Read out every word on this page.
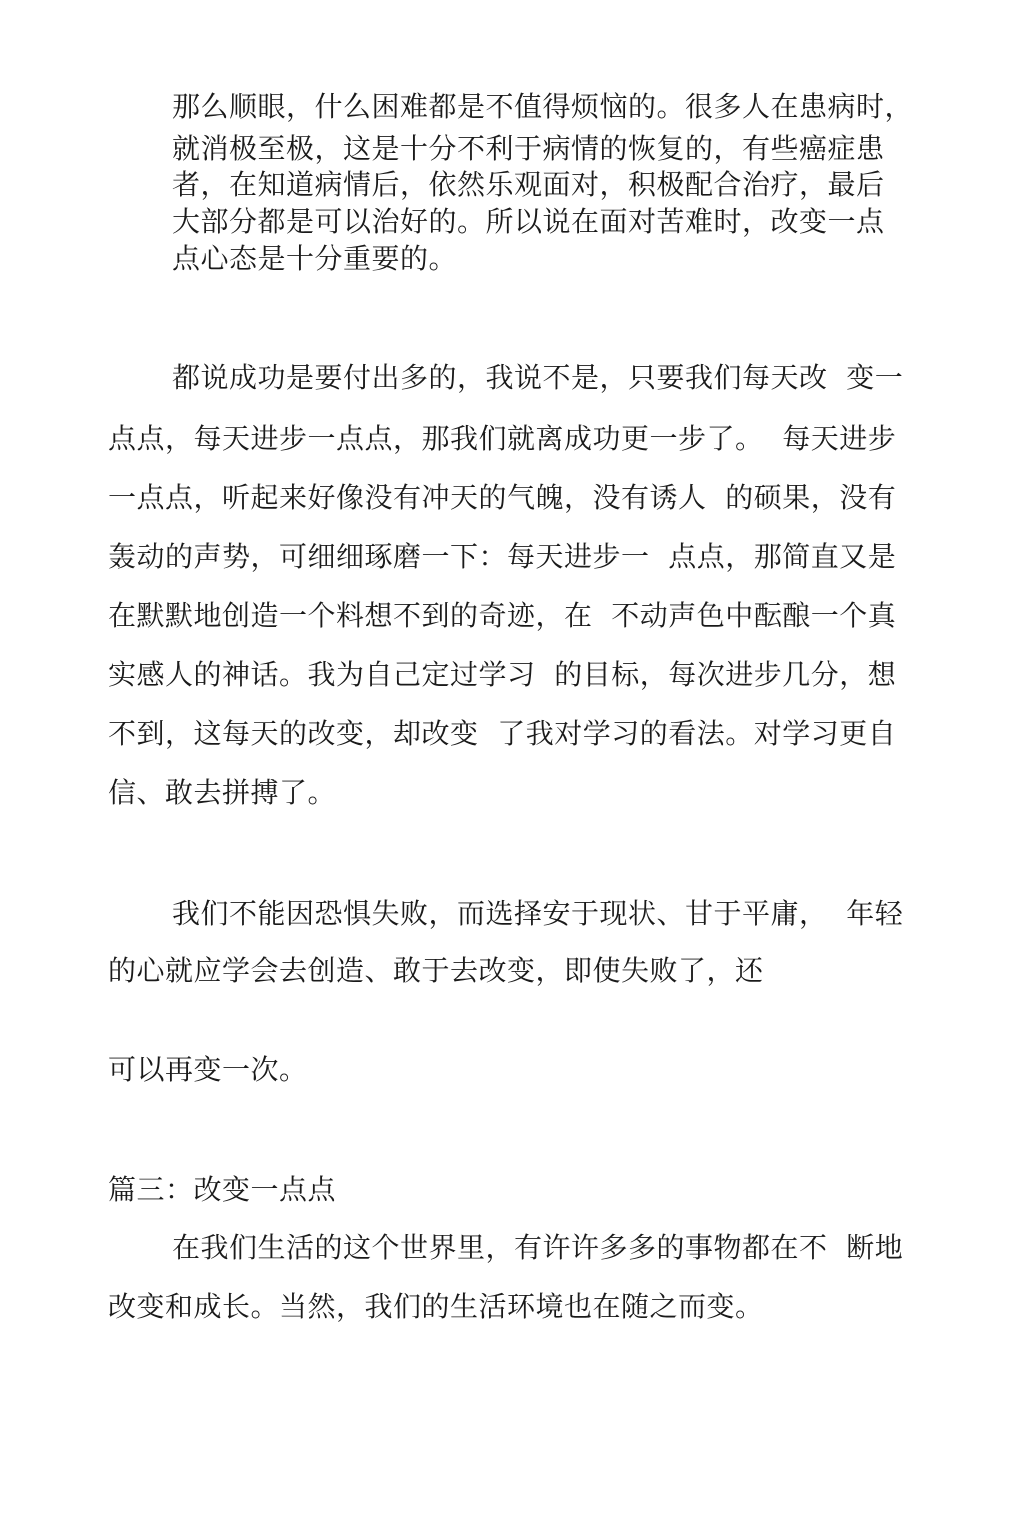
那么顺眼，什么困难都是不值得烦恼的。很多人在患病时，

就消极至极，这是十分不利于病情的恢复的，有些癌症患

者，在知道病情后，依然乐观面对，积极配合治疗，最后

大部分都是可以治好的。所以说在面对苦难时，改变一点

点心态是十分重要的。

都说成功是要付出多的，我说不是，只要我们每天改  变一

点点，每天进步一点点，那我们就离成功更一步了。  每天进步

一点点，听起来好像没有冲天的气魄，没有诱人  的硕果，没有

轰动的声势，可细细琢磨一下：每天进步一  点点，那简直又是

在默默地创造一个料想不到的奇迹，在  不动声色中酝酿一个真

实感人的神话。我为自己定过学习  的目标，每次进步几分，想

不到，这每天的改变，却改变  了我对学习的看法。对学习更自

信、敢去拼搏了。

我们不能因恐惧失败，而选择安于现状、甘于平庸，  年轻

的心就应学会去创造、敢于去改变，即使失败了，还

可以再变一次。

篇三：改变一点点

在我们生活的这个世界里，有许许多多的事物都在不  断地

改变和成长。当然，我们的生活环境也在随之而变。
